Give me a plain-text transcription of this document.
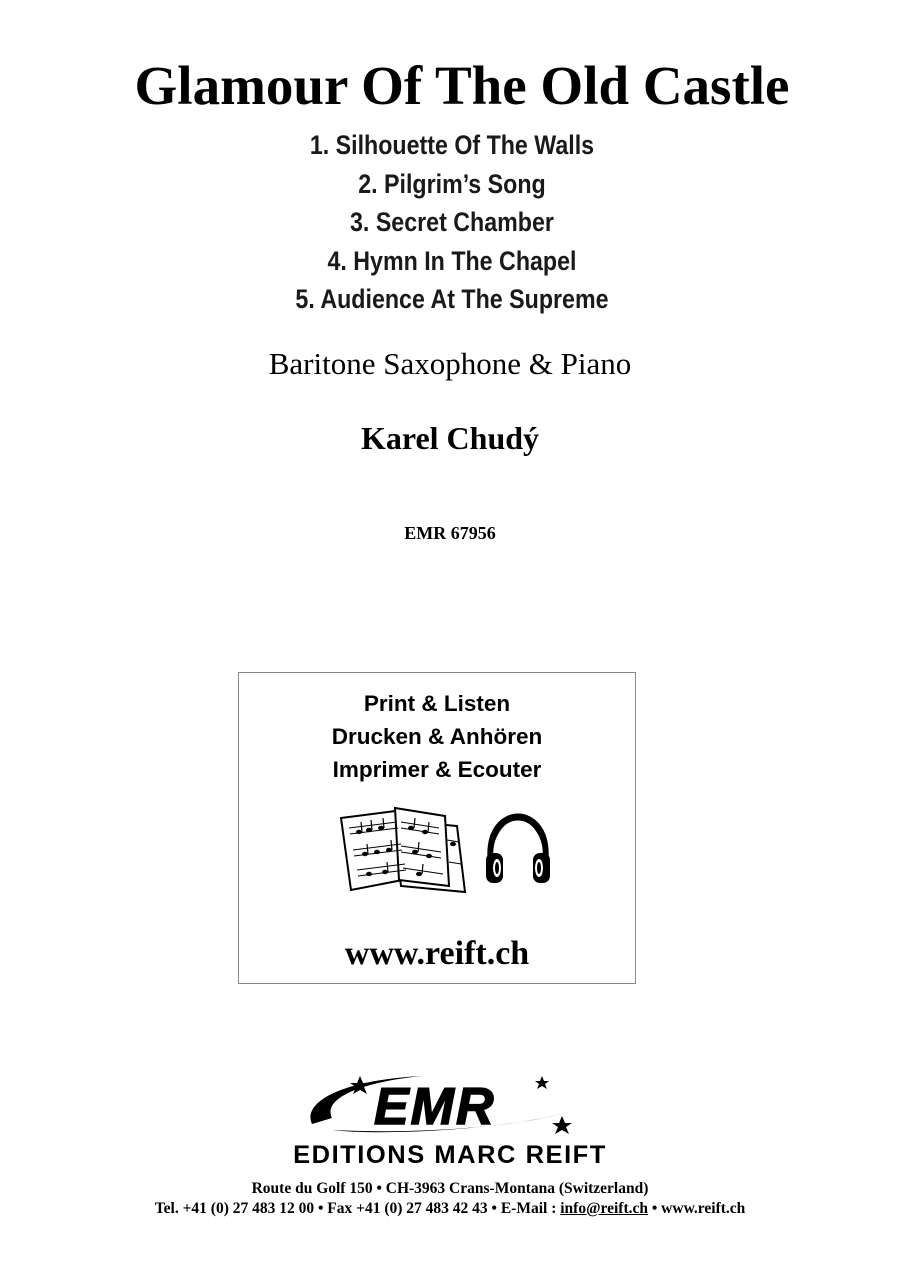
Glamour Of The Old Castle
1. Silhouette Of The Walls
2. Pilgrim’s Song
3. Secret Chamber
4. Hymn In The Chapel
5. Audience At The Supreme
Baritone Saxophone & Piano
Karel Chudý
EMR 67956
Print & Listen
Drucken & Anhören
Imprimer & Ecouter
www.reift.ch
EMR
EDITIONS MARC REIFT
Route du Golf 150 • CH-3963 Crans-Montana (Switzerland)
Tel. +41 (0) 27 483 12 00 • Fax +41 (0) 27 483 42 43 • E-Mail : info@reift.ch • www.reift.ch
